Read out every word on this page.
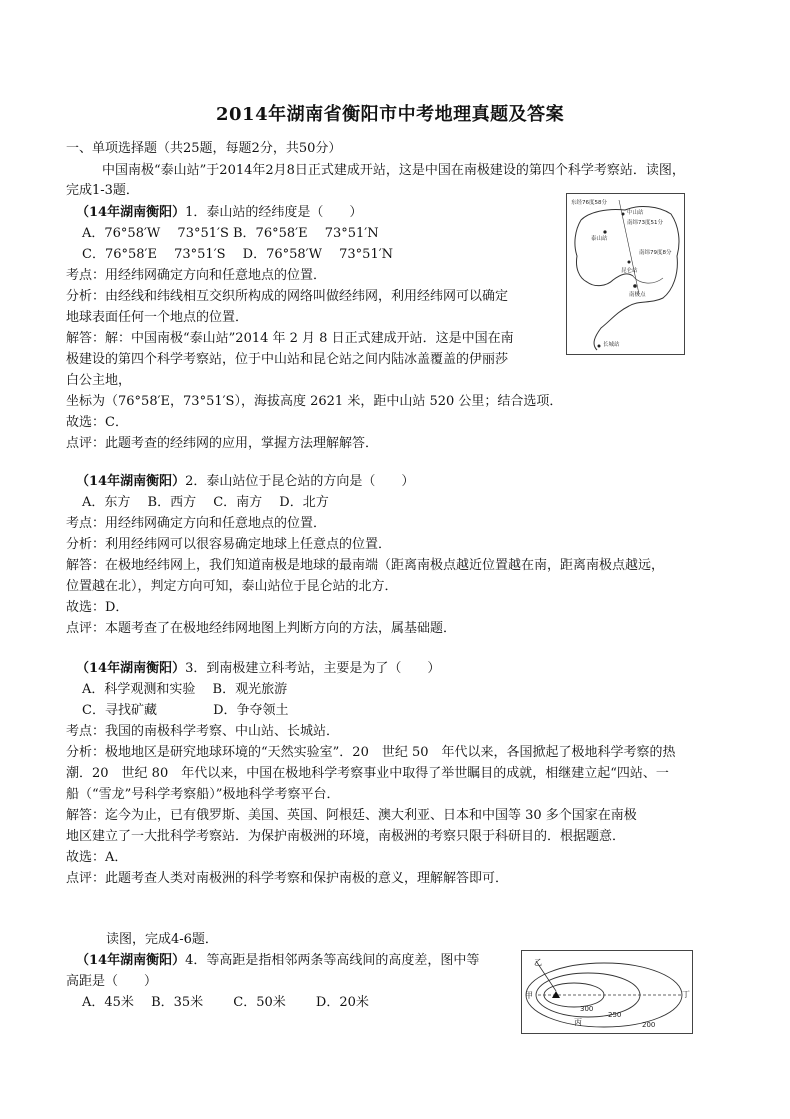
2014年湖南省衡阳市中考地理真题及答案
一、单项选择题（共25题，每题2分，共50分）
中国南极“泰山站”于2014年2月8日正式建成开站，这是中国在南极建设的第四个科学考察站．读图，
完成1-3题．
（14年湖南衡阳）1．泰山站的经纬度是（　　）
A．76°58′W　 73°51′S B．76°58′E　 73°51′N
C．76°58′E　 73°51′S　 D．76°58′W　 73°51′N
考点：用经纬网确定方向和任意地点的位置．
分析：由经线和纬线相互交织所构成的网络叫做经纬网，利用经纬网可以确定
地球表面任何一个地点的位置．
解答：解：中国南极“泰山站”2014 年 2 月 8 日正式建成开站．这是中国在南
极建设的第四个科学考察站，位于中山站和昆仑站之间内陆冰盖覆盖的伊丽莎
白公主地，
坐标为（76°58′E，73°51′S），海拔高度 2621 米，距中山站 520 公里；结合选项．
故选：C．
点评：此题考查的经纬网的应用，掌握方法理解解答．
东经76度58分
中山站
泰山站
南纬73度51分
南纬79度8分
昆仑站
南极点
长城站
（14年湖南衡阳）2．泰山站位于昆仑站的方向是（　　）
A．东方　 B．西方　 C．南方　 D．北方
考点：用经纬网确定方向和任意地点的位置．
分析：利用经纬网可以很容易确定地球上任意点的位置．
解答：在极地经纬网上，我们知道南极是地球的最南端（距离南极点越近位置越在南，距离南极点越远，
位置越在北），判定方向可知，泰山站位于昆仑站的北方．
故选：D．
点评：本题考查了在极地经纬网地图上判断方向的方法，属基础题．
（14年湖南衡阳）3．到南极建立科考站，主要是为了（　　）
A．科学观测和实验　 B．观光旅游
C．寻找矿藏　　　　 D．争夺领土
考点：我国的南极科学考察、中山站、长城站．
分析：极地地区是研究地球环境的“天然实验室”．20　世纪 50　年代以来，各国掀起了极地科学考察的热
潮．20　世纪 80　年代以来，中国在极地科学考察事业中取得了举世瞩目的成就，相继建立起“四站、一
船（“雪龙”号科学考察船）”极地科学考察平台．
解答：迄今为止，已有俄罗斯、美国、英国、阿根廷、澳大利亚、日本和中国等 30 多个国家在南极
地区建立了一大批科学考察站．为保护南极洲的环境，南极洲的考察只限于科研目的．根据题意．
故选：A．
点评：此题考查人类对南极洲的科学考察和保护南极的意义，理解解答即可．
读图，完成4-6题．
（14年湖南衡阳）4．等高距是指相邻两条等高线间的高度差，图中等
高距是（　　）
A．45米　 B．35米　　 C．50米　　 D．20米
乙
甲
丙
丁
200
250
300
